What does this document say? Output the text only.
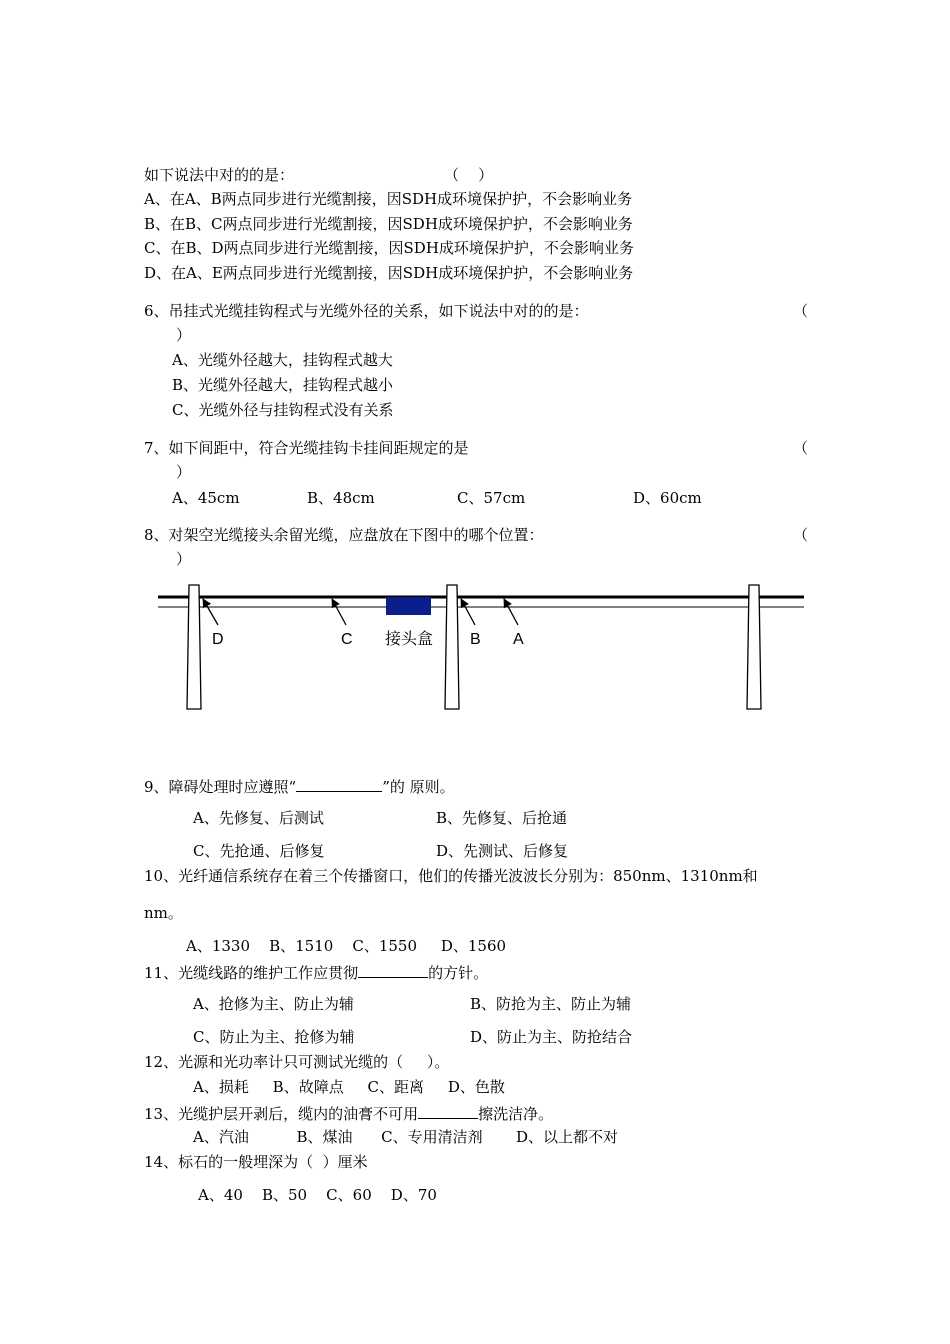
如下说法中对的的是：	（    ）
A、在A、B两点同步进行光缆割接，因SDH成环境保护护，不会影响业务
B、在B、C两点同步进行光缆割接，因SDH成环境保护护，不会影响业务
C、在B、D两点同步进行光缆割接，因SDH成环境保护护，不会影响业务
D、在A、E两点同步进行光缆割接，因SDH成环境保护护，不会影响业务
6、吊挂式光缆挂钩程式与光缆外径的关系，如下说法中对的的是：	（
）
A、光缆外径越大，挂钩程式越大
B、光缆外径越大，挂钩程式越小
C、光缆外径与挂钩程式没有关系
7、如下间距中，符合光缆挂钩卡挂间距规定的是	（
）
A、45cm	B、48cm	C、57cm	D、60cm
8、对架空光缆接头余留光缆，应盘放在下图中的哪个位置：	（
）
D	C 接头盒 B A
9、障碍处理时应遵照“	”的 原则。
A、先修复、后测试	B、先修复、后抢通
C、先抢通、后修复	D、先测试、后修复
10、光纤通信系统存在着三个传播窗口，他们的传播光波波长分别为：850nm、1310nm和
nm。
A、1330    B、1510    C、1550     D、1560
11、光缆线路的维护工作应贯彻	的方针。
A、抢修为主、防止为辅	B、防抢为主、防止为辅
C、防止为主、抢修为辅	D、防止为主、防抢结合
12、光源和光功率计只可测试光缆的（     ）。
A、损耗     B、故障点     C、距离     D、色散
13、光缆护层开剥后，缆内的油膏不可用	擦洗洁净。
A、汽油          B、煤油      C、专用清洁剂       D、以上都不对
14、标石的一般埋深为（  ）厘米
A、40    B、50    C、60    D、70
